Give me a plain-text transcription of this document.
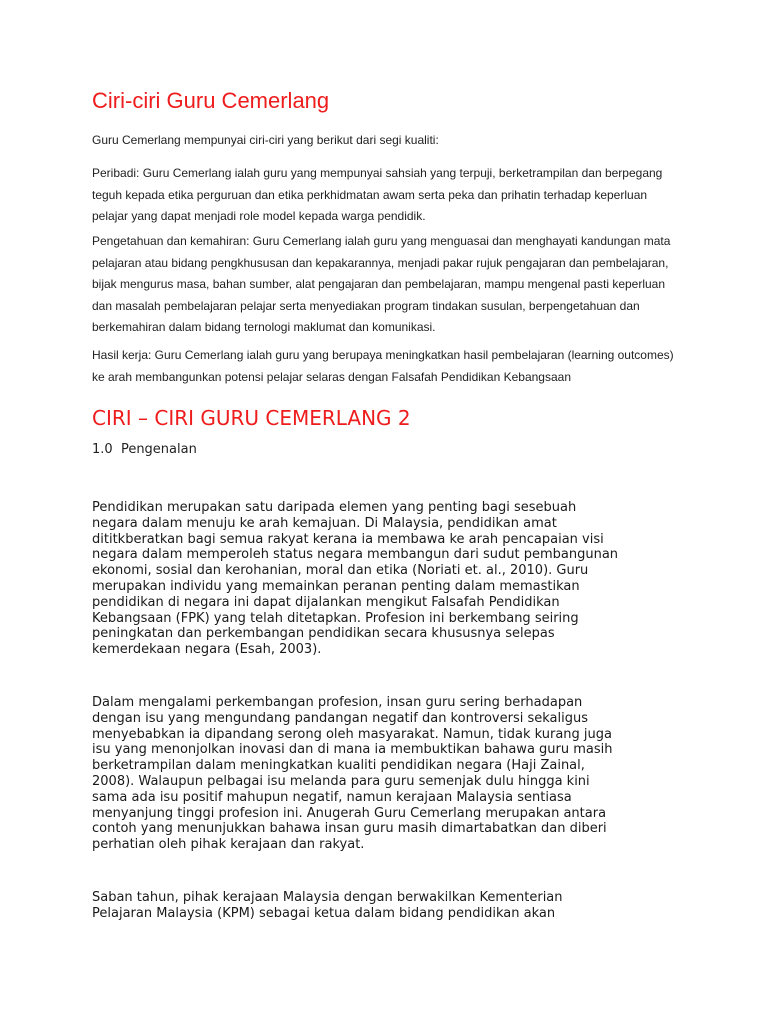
Ciri-ciri Guru Cemerlang

Guru Cemerlang mempunyai ciri-ciri yang berikut dari segi kualiti:

Peribadi: Guru Cemerlang ialah guru yang mempunyai sahsiah yang terpuji, berketrampilan dan berpegang teguh kepada etika perguruan dan etika perkhidmatan awam serta peka dan prihatin terhadap keperluan pelajar yang dapat menjadi role model kepada warga pendidik.

Pengetahuan dan kemahiran: Guru Cemerlang ialah guru yang menguasai dan menghayati kandungan mata pelajaran atau bidang pengkhususan dan kepakarannya, menjadi pakar rujuk pengajaran dan pembelajaran, bijak mengurus masa, bahan sumber, alat pengajaran dan pembelajaran, mampu mengenal pasti keperluan dan masalah pembelajaran pelajar serta menyediakan program tindakan susulan, berpengetahuan dan berkemahiran dalam bidang ternologi maklumat dan komunikasi.

Hasil kerja: Guru Cemerlang ialah guru yang berupaya meningkatkan hasil pembelajaran (learning outcomes) ke arah membangunkan potensi pelajar selaras dengan Falsafah Pendidikan Kebangsaan

CIRI – CIRI GURU CEMERLANG 2

1.0  Pengenalan

Pendidikan merupakan satu daripada elemen yang penting bagi sesebuah
negara dalam menuju ke arah kemajuan. Di Malaysia, pendidikan amat
dititkberatkan bagi semua rakyat kerana ia membawa ke arah pencapaian visi
negara dalam memperoleh status negara membangun dari sudut pembangunan
ekonomi, sosial dan kerohanian, moral dan etika (Noriati et. al., 2010). Guru
merupakan individu yang memainkan peranan penting dalam memastikan
pendidikan di negara ini dapat dijalankan mengikut Falsafah Pendidikan
Kebangsaan (FPK) yang telah ditetapkan. Profesion ini berkembang seiring
peningkatan dan perkembangan pendidikan secara khususnya selepas
kemerdekaan negara (Esah, 2003).

Dalam mengalami perkembangan profesion, insan guru sering berhadapan
dengan isu yang mengundang pandangan negatif dan kontroversi sekaligus
menyebabkan ia dipandang serong oleh masyarakat. Namun, tidak kurang juga
isu yang menonjolkan inovasi dan di mana ia membuktikan bahawa guru masih
berketrampilan dalam meningkatkan kualiti pendidikan negara (Haji Zainal,
2008). Walaupun pelbagai isu melanda para guru semenjak dulu hingga kini
sama ada isu positif mahupun negatif, namun kerajaan Malaysia sentiasa
menyanjung tinggi profesion ini. Anugerah Guru Cemerlang merupakan antara
contoh yang menunjukkan bahawa insan guru masih dimartabatkan dan diberi
perhatian oleh pihak kerajaan dan rakyat.

Saban tahun, pihak kerajaan Malaysia dengan berwakilkan Kementerian
Pelajaran Malaysia (KPM) sebagai ketua dalam bidang pendidikan akan
